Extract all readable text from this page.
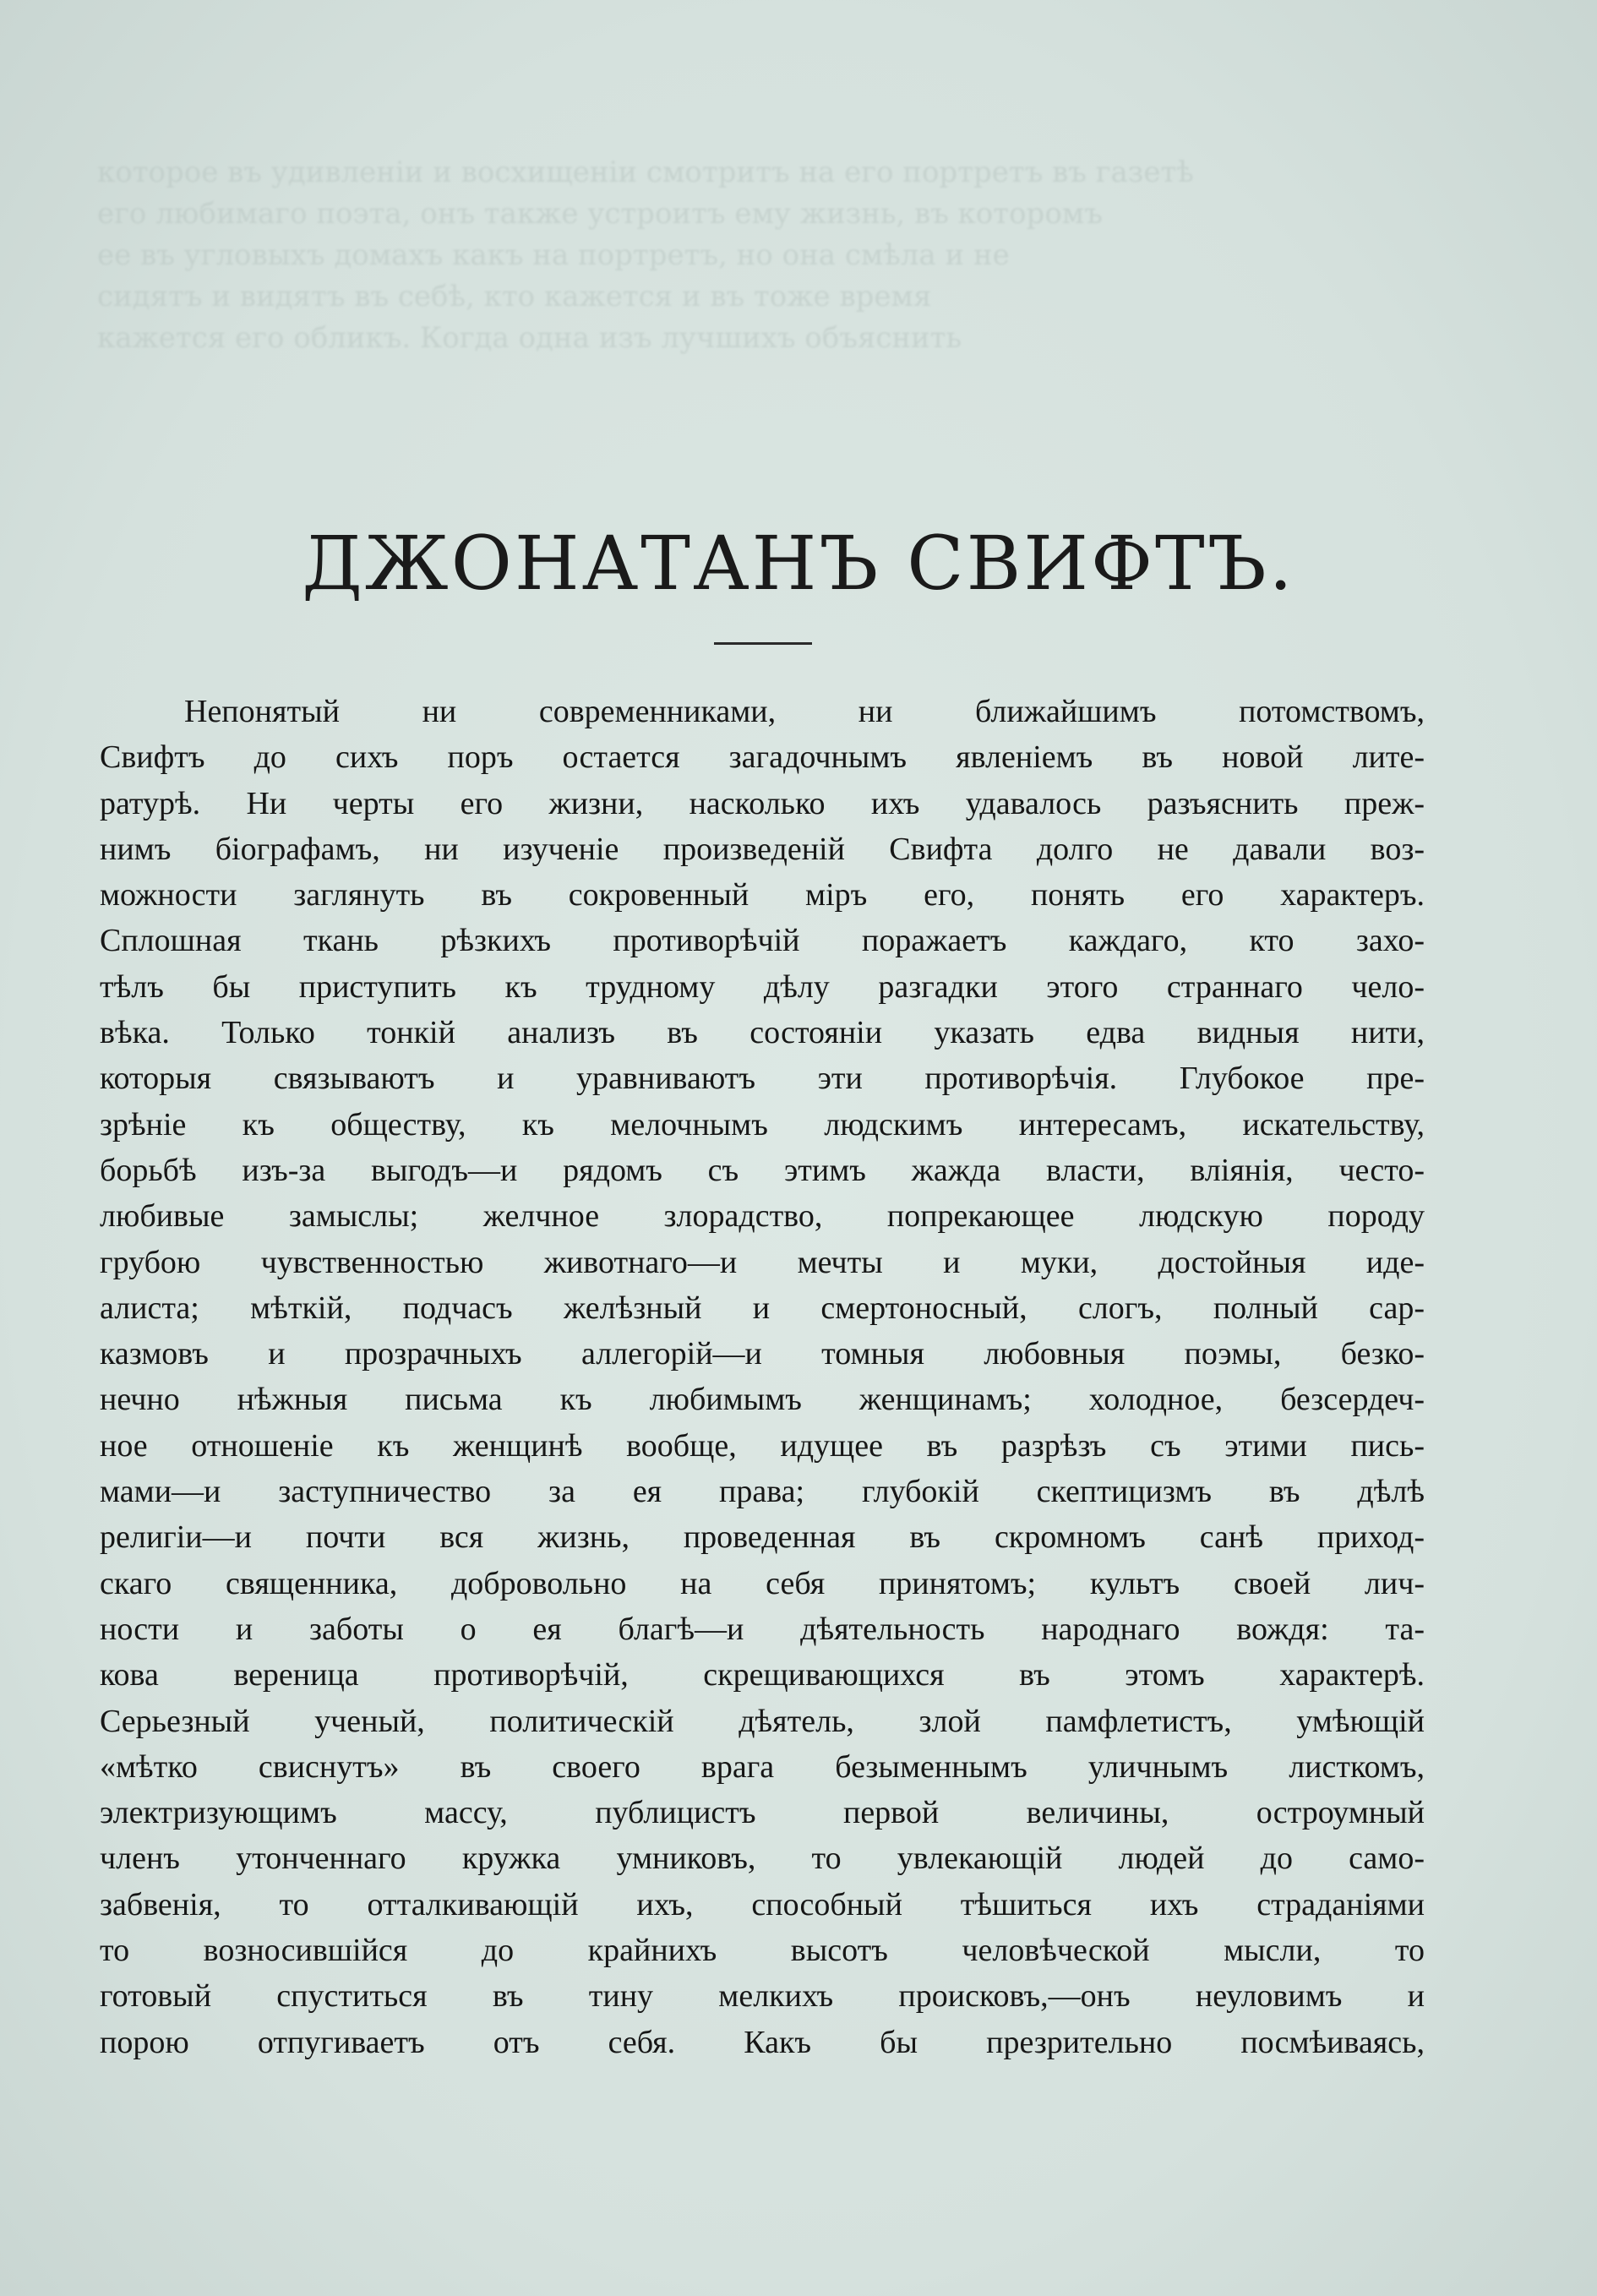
которое въ удивленіи и восхищеніи смотритъ на его портретъ въ газетѣ
его любимаго поэта, онъ также устроитъ ему жизнь, въ которомъ
ее въ угловыхъ домахъ какъ на портретъ, но она смѣла и не
сидятъ и видятъ въ себѣ, кто кажется и въ тоже время
кажется его обликъ. Когда одна изъ лучшихъ объяснить
ДЖОНАТАНЪ СВИФТЪ.
Непонятый ни современниками, ни ближайшимъ потомствомъ,
Свифтъ до сихъ поръ остается загадочнымъ явленіемъ въ новой лите-
ратурѣ. Ни черты его жизни, насколько ихъ удавалось разъяснить преж-
нимъ біографамъ, ни изученіе произведеній Свифта долго не давали воз-
можности заглянуть въ сокровенный міръ его, понять его характеръ.
Сплошная ткань рѣзкихъ противорѣчій поражаетъ каждаго, кто захо-
тѣлъ бы приступить къ трудному дѣлу разгадки этого страннаго чело-
вѣка. Только тонкій анализъ въ состояніи указать едва видныя нити,
которыя связываютъ и уравниваютъ эти противорѣчія. Глубокое пре-
зрѣніе къ обществу, къ мелочнымъ людскимъ интересамъ, искательству,
борьбѣ изъ-за выгодъ—и рядомъ съ этимъ жажда власти, вліянія, често-
любивые замыслы; желчное злорадство, попрекающее людскую породу
грубою чувственностью животнаго—и мечты и муки, достойныя иде-
алиста; мѣткій, подчасъ желѣзный и смертоносный, слогъ, полный сар-
казмовъ и прозрачныхъ аллегорій—и томныя любовныя поэмы, безко-
нечно нѣжныя письма къ любимымъ женщинамъ; холодное, безсердеч-
ное отношеніе къ женщинѣ вообще, идущее въ разрѣзъ съ этими пись-
мами—и заступничество за ея права; глубокій скептицизмъ въ дѣлѣ
религіи—и почти вся жизнь, проведенная въ скромномъ санѣ приход-
скаго священника, добровольно на себя принятомъ; культъ своей лич-
ности и заботы о ея благѣ—и дѣятельность народнаго вождя: та-
кова вереница противорѣчій, скрещивающихся въ этомъ характерѣ.
Серьезный ученый, политическій дѣятель, злой памфлетистъ, умѣющій
«мѣтко свиснутъ» въ своего врага безыменнымъ уличнымъ листкомъ,
электризующимъ массу, публицистъ первой величины, остроумный
членъ утонченнаго кружка умниковъ, то увлекающій людей до само-
забвенія, то отталкивающій ихъ, способный тѣшиться ихъ страданіями
то возносившійся до крайнихъ высотъ человѣческой мысли, то
готовый спуститься въ тину мелкихъ происковъ,—онъ неуловимъ и
порою отпугиваетъ отъ себя. Какъ бы презрительно посмѣиваясь,
